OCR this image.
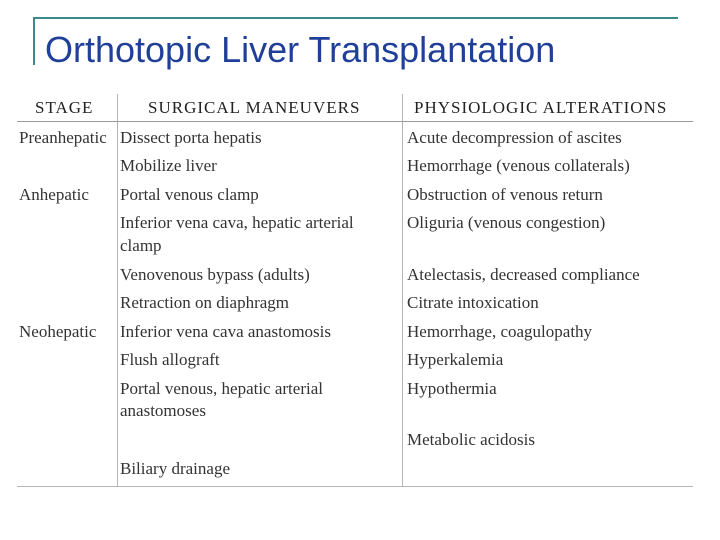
Orthotopic Liver Transplantation
STAGE	SURGICAL MANEUVERS	PHYSIOLOGIC ALTERATIONS
Preanhepatic
Anhepatic
Neohepatic
Dissect porta hepatis
Mobilize liver
Portal venous clamp
Inferior vena cava, hepatic arterial
clamp
Venovenous bypass (adults)
Retraction on diaphragm
Inferior vena cava anastomosis
Flush allograft
Portal venous, hepatic arterial
anastomoses
Biliary drainage
Acute decompression of ascites
Hemorrhage (venous collaterals)
Obstruction of venous return
Oliguria (venous congestion)
Atelectasis, decreased compliance
Citrate intoxication
Hemorrhage, coagulopathy
Hyperkalemia
Hypothermia
Metabolic acidosis
